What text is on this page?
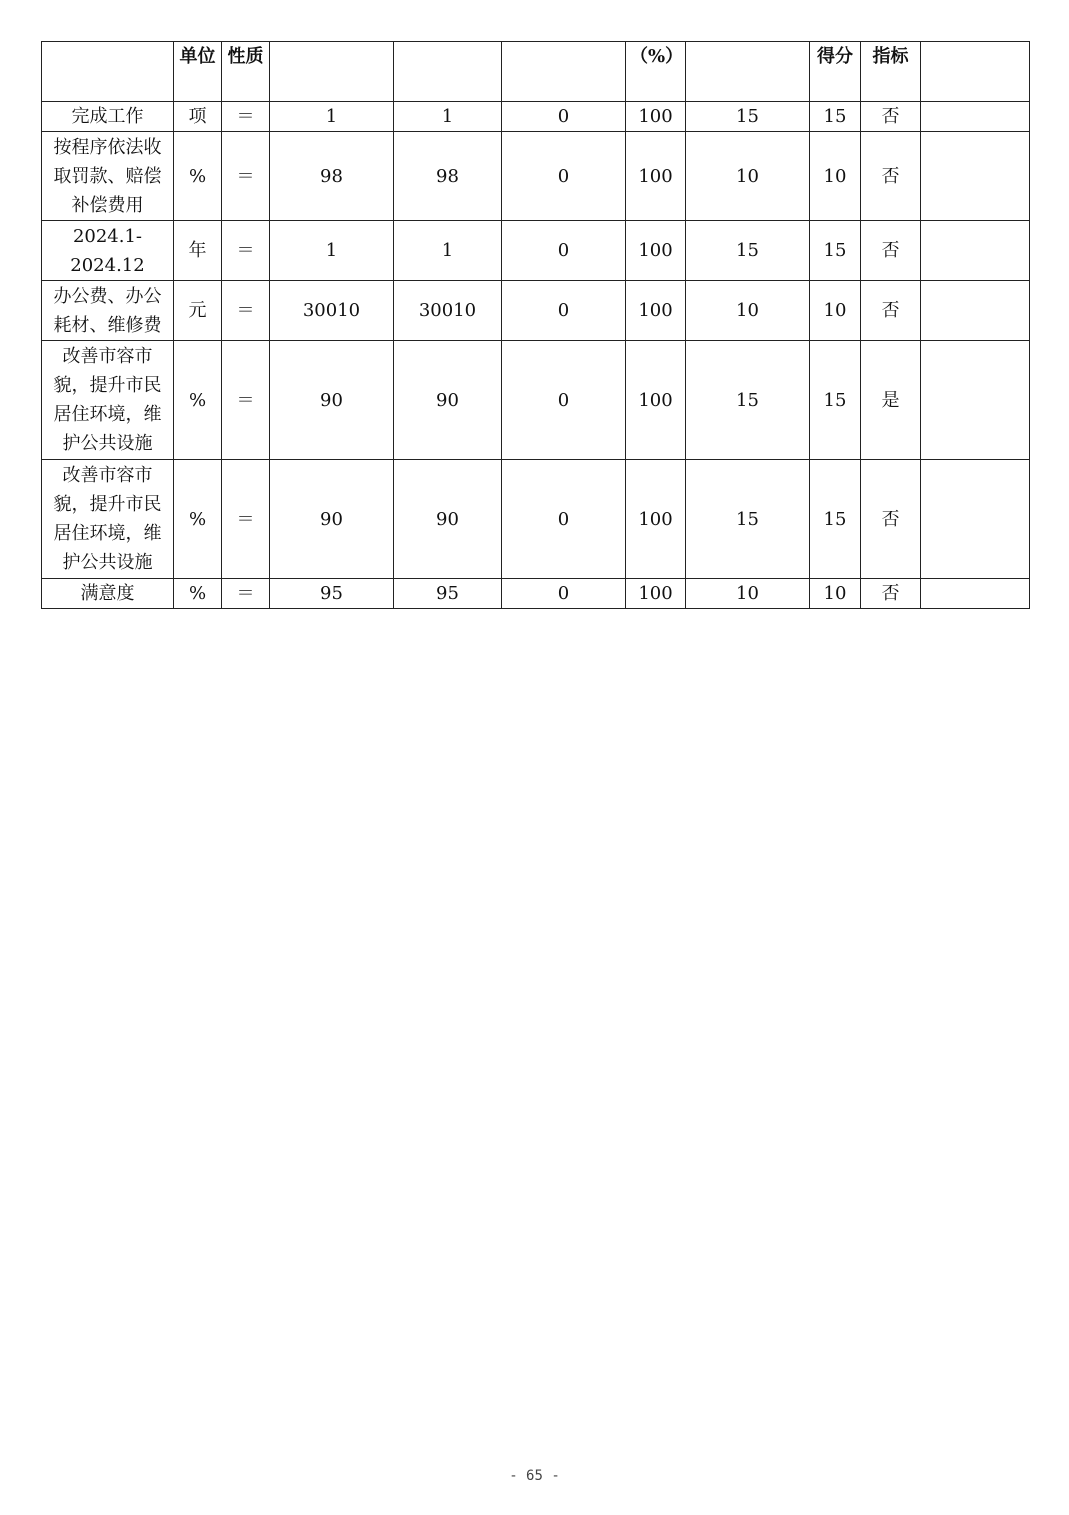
	单位	性质				（%）		得分	指标	
完成工作	项	＝	1	1	0	100	15	15	否	
按程序依法收取罚款、赔偿补偿费用	%	＝	98	98	0	100	10	10	否	
2024.1-2024.12	年	＝	1	1	0	100	15	15	否	
办公费、办公耗材、维修费	元	＝	30010	30010	0	100	10	10	否	
改善市容市貌，提升市民居住环境，维护公共设施	%	＝	90	90	0	100	15	15	是	
改善市容市貌，提升市民居住环境，维护公共设施	%	＝	90	90	0	100	15	15	否	
满意度	%	＝	95	95	0	100	10	10	否	
- 65 -
